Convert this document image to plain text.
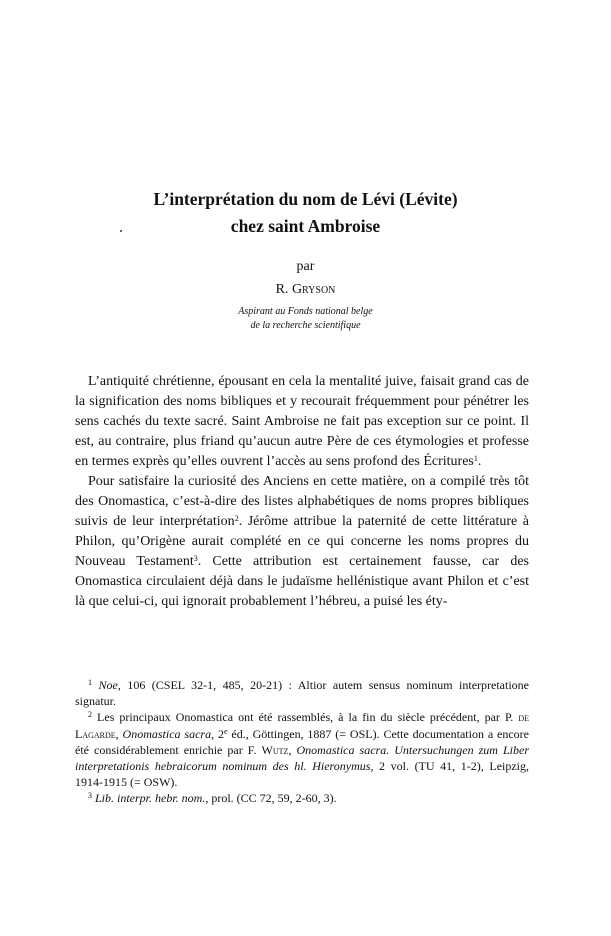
L’interprétation du nom de Lévi (Lévite)
chez saint Ambroise

par

R. Gryson

Aspirant au Fonds national belge
de la recherche scientifique

L’antiquité chrétienne, épousant en cela la mentalité juive, faisait grand cas de la signification des noms bibliques et y recourait fréquemment pour pénétrer les sens cachés du texte sacré. Saint Ambroise ne fait pas exception sur ce point. Il est, au contraire, plus friand qu’aucun autre Père de ces étymologies et professe en termes exprès qu’elles ouvrent l’accès au sens profond des Écritures$^1$.

Pour satisfaire la curiosité des Anciens en cette matière, on a compilé très tôt des Onomastica, c’est-à-dire des listes alphabétiques de noms propres bibliques suivis de leur interprétation$^2$. Jérôme attribue la paternité de cette littérature à Philon, qu’Origène aurait complété en ce qui concerne les noms propres du Nouveau Testament$^3$. Cette attribution est certainement fausse, car des Onomastica circulaient déjà dans le judaïsme hellénistique avant Philon et c’est là que celui-ci, qui ignorait probablement l’hébreu, a puisé les éty-

$^1$ Noe, 106 (CSEL 32-1, 485, 20-21) : Altior autem sensus nominum interpretatione signatur.

$^2$ Les principaux Onomastica ont été rassemblés, à la fin du siècle précédent, par P. de Lagarde, Onomastica sacra, 2e éd., Göttingen, 1887 (= OSL). Cette documentation a encore été considérablement enrichie par F. Wutz, Onomastica sacra. Untersuchungen zum Liber interpretationis hebraicorum nominum des hl. Hieronymus, 2 vol. (TU 41, 1-2), Leipzig, 1914-1915 (= OSW).

$^3$ Lib. interpr. hebr. nom., prol. (CC 72, 59, 2-60, 3).
